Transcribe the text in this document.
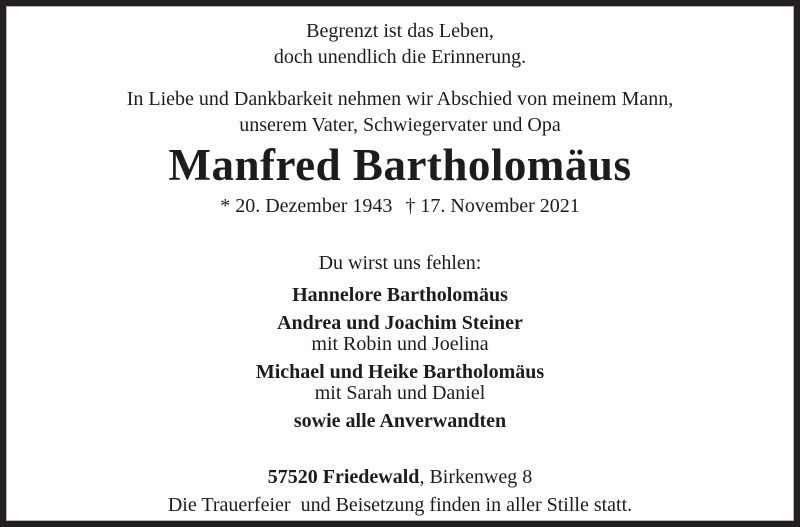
Begrenzt ist das Leben,
doch unendlich die Erinnerung.
In Liebe und Dankbarkeit nehmen wir Abschied von meinem Mann,
unserem Vater, Schwiegervater und Opa
Manfred Bartholomäus
* 20. Dezember 1943 † 17. November 2021
Du wirst uns fehlen:
Hannelore Bartholomäus
Andrea und Joachim Steiner
mit Robin und Joelina
Michael und Heike Bartholomäus
mit Sarah und Daniel
sowie alle Anverwandten
57520 Friedewald, Birkenweg 8
Die Trauerfeier  und Beisetzung finden in aller Stille statt.
